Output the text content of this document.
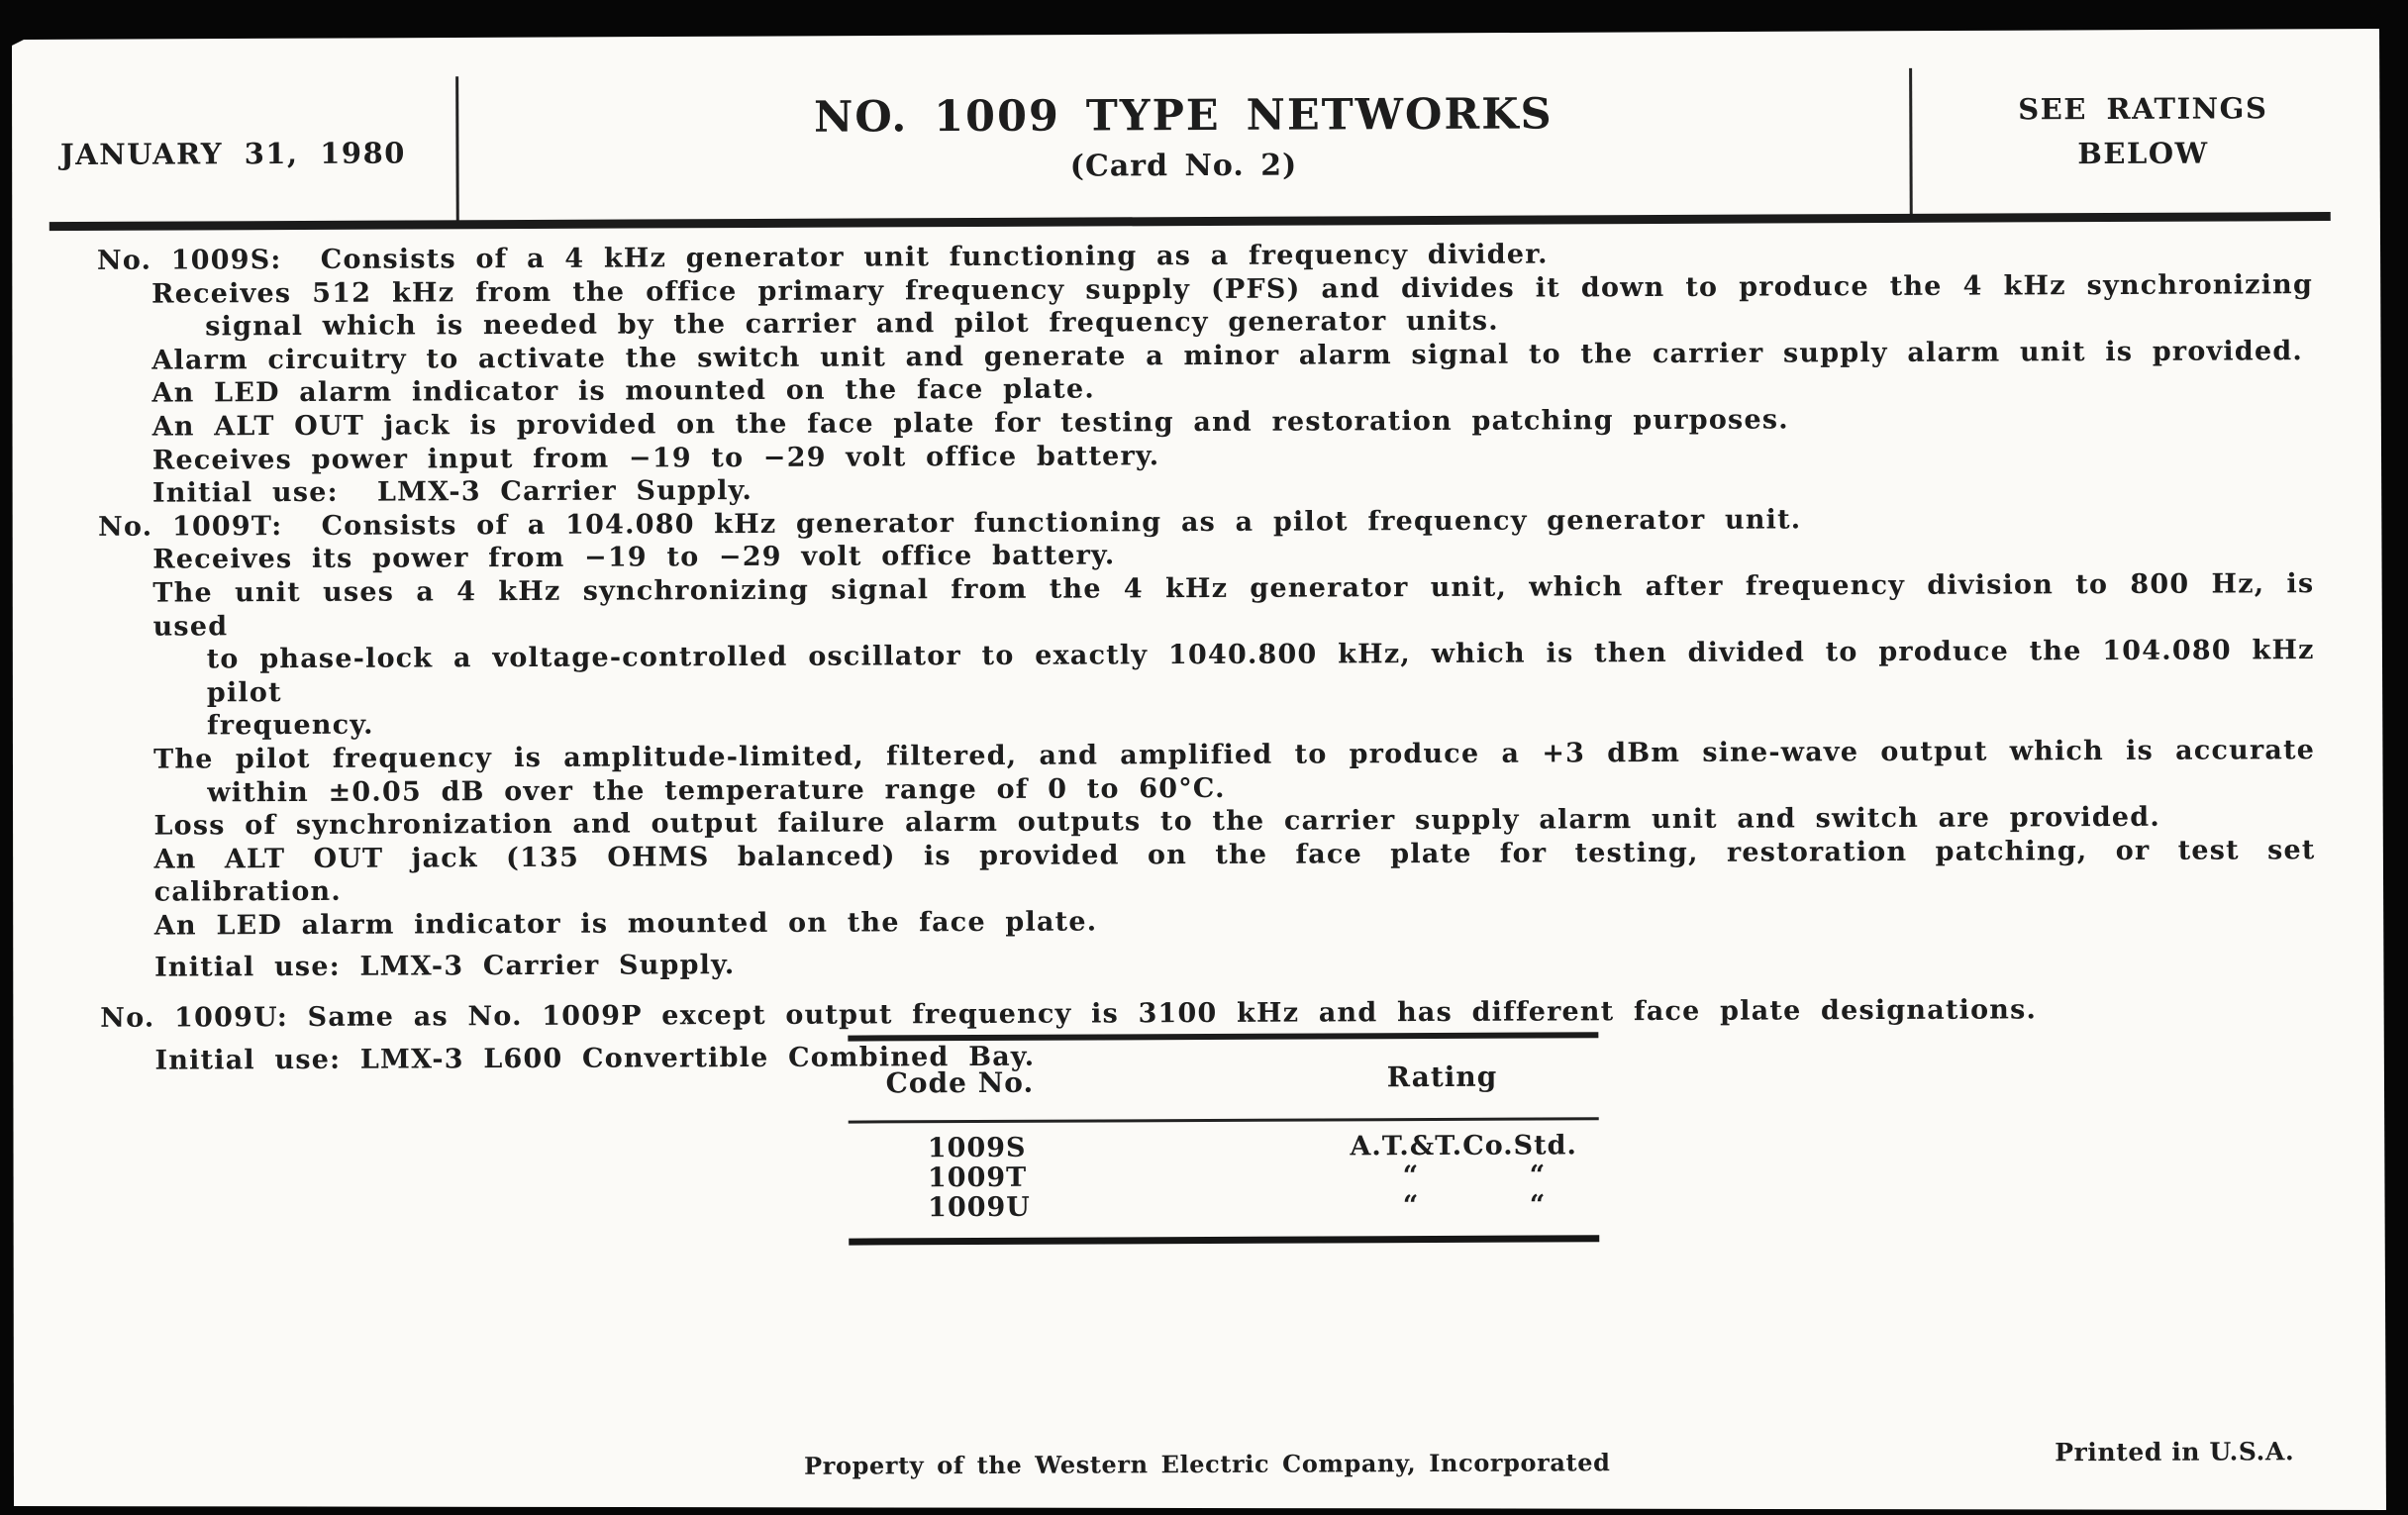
JANUARY 31, 1980
NO. 1009 TYPE NETWORKS
(Card No. 2)
SEE RATINGS
BELOW
No. 1009S:  Consists of a 4 kHz generator unit functioning as a frequency divider.
Receives 512 kHz from the office primary frequency supply (PFS) and divides it down to produce the 4 kHz synchronizing
signal which is needed by the carrier and pilot frequency generator units.
Alarm circuitry to activate the switch unit and generate a minor alarm signal to the carrier supply alarm unit is provided.
An LED alarm indicator is mounted on the face plate.
An ALT OUT jack is provided on the face plate for testing and restoration patching purposes.
Receives power input from −19 to −29 volt office battery.
Initial use:  LMX-3 Carrier Supply.
No. 1009T:  Consists of a 104.080 kHz generator functioning as a pilot frequency generator unit.
Receives its power from −19 to −29 volt office battery.
The unit uses a 4 kHz synchronizing signal from the 4 kHz generator unit, which after frequency division to 800 Hz, is used
to phase-lock a voltage-controlled oscillator to exactly 1040.800 kHz, which is then divided to produce the 104.080 kHz pilot
frequency.
The pilot frequency is amplitude-limited, filtered, and amplified to produce a +3 dBm sine-wave output which is accurate
within ±0.05 dB over the temperature range of 0 to 60°C.
Loss of synchronization and output failure alarm outputs to the carrier supply alarm unit and switch are provided.
An ALT OUT jack (135 OHMS balanced) is provided on the face plate for testing, restoration patching, or test set calibration.
An LED alarm indicator is mounted on the face plate.
Initial use: LMX-3 Carrier Supply.
No. 1009U: Same as No. 1009P except output frequency is 3100 kHz and has different face plate designations.
Initial use: LMX-3 L600 Convertible Combined Bay.
Code No.	Rating
1009S	A.T.&T.Co.Std.
1009T	“	“
1009U	“	“
Property of the Western Electric Company, Incorporated	Printed in U.S.A.
